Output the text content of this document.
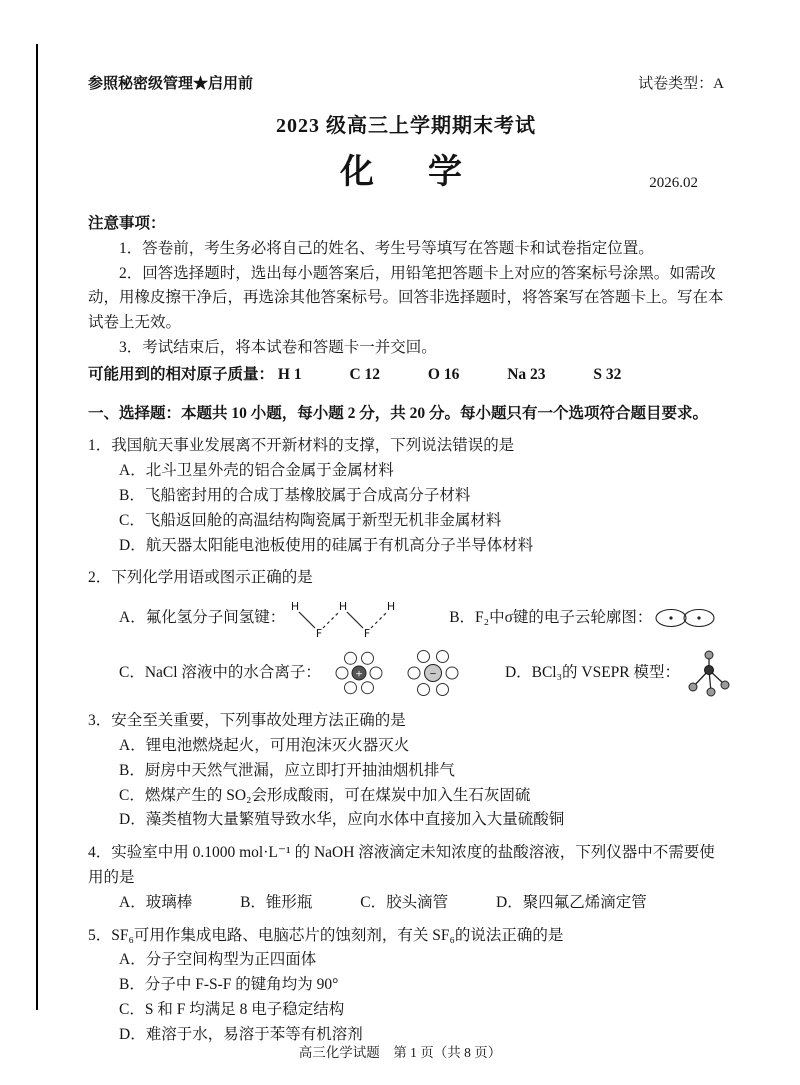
参照秘密级管理★启用前	试卷类型：A
2023 级高三上学期期末考试
化　学	2026.02
注意事项：
1．答卷前，考生务必将自己的姓名、考生号等填写在答题卡和试卷指定位置。
2．回答选择题时，选出每小题答案后，用铅笔把答题卡上对应的答案标号涂黑。如需改动，用橡皮擦干净后，再选涂其他答案标号。回答非选择题时，将答案写在答题卡上。写在本试卷上无效。
3．考试结束后，将本试卷和答题卡一并交回。
可能用到的相对原子质量： H 1	C 12	O 16	Na 23	S 32
一、选择题：本题共 10 小题，每小题 2 分，共 20 分。每小题只有一个选项符合题目要求。
1．我国航天事业发展离不开新材料的支撑，下列说法错误的是
A．北斗卫星外壳的铝合金属于金属材料
B．飞船密封用的合成丁基橡胶属于合成高分子材料
C．飞船返回舱的高温结构陶瓷属于新型无机非金属材料
D．航天器太阳能电池板使用的硅属于有机高分子半导体材料
2．下列化学用语或图示正确的是
A．氟化氢分子间氢键：
H
F
H
F
H
B．F₂中σ键的电子云轮廓图：
C．NaCl 溶液中的水合离子：	+	−	D．BCl₃的 VSEPR 模型：
3．安全至关重要，下列事故处理方法正确的是
A．锂电池燃烧起火，可用泡沫灭火器灭火
B．厨房中天然气泄漏，应立即打开抽油烟机排气
C．燃煤产生的 SO₂会形成酸雨，可在煤炭中加入生石灰固硫
D．藻类植物大量繁殖导致水华，应向水体中直接加入大量硫酸铜
4．实验室中用 0.1000 mol·L⁻¹ 的 NaOH 溶液滴定未知浓度的盐酸溶液，下列仪器中不需要使用的是
A．玻璃棒	B．锥形瓶	C．胶头滴管	D．聚四氟乙烯滴定管
5．SF₆可用作集成电路、电脑芯片的蚀刻剂，有关 SF₆的说法正确的是
A．分子空间构型为正四面体
B．分子中 F-S-F 的键角均为 90°
C．S 和 F 均满足 8 电子稳定结构
D．难溶于水，易溶于苯等有机溶剂
高三化学试题　第 1 页（共 8 页）
